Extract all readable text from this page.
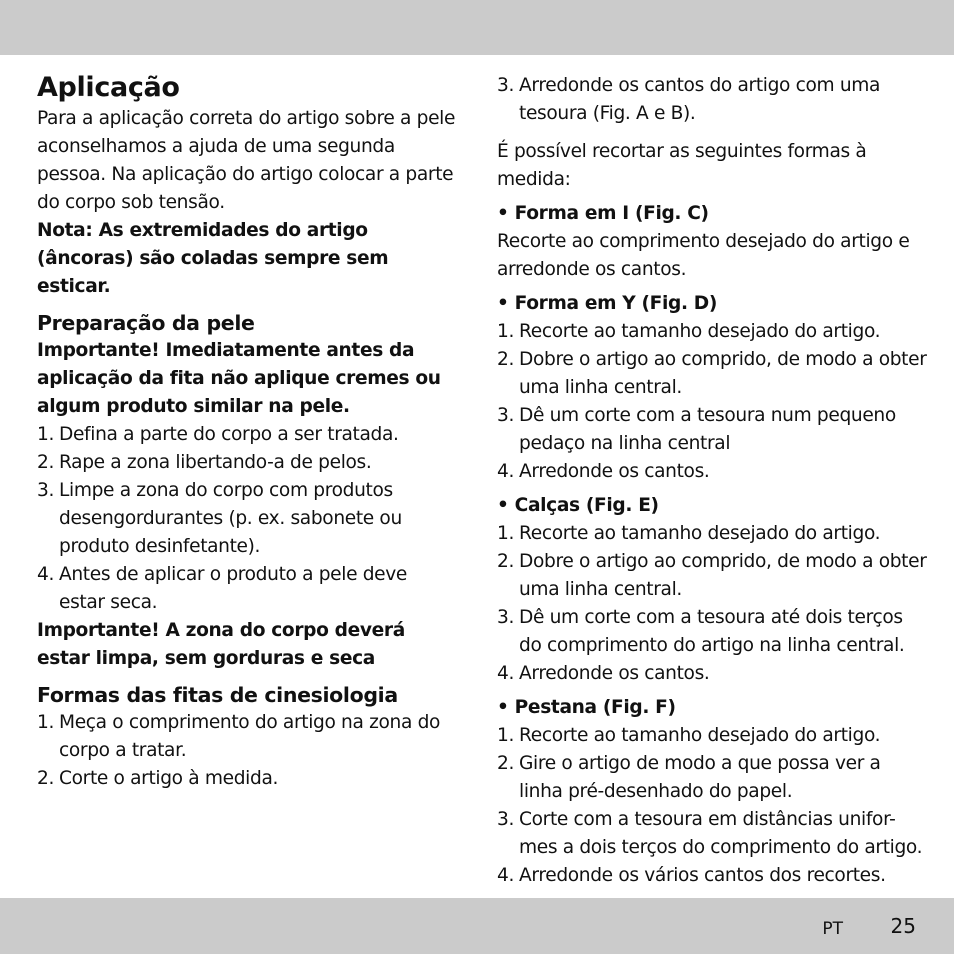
Aplicação

Para a aplicação correta do artigo sobre a pele aconselhamos a ajuda de uma segunda pessoa. Na aplicação do artigo colocar a parte do corpo sob tensão.

Nota: As extremidades do artigo (âncoras) são coladas sempre sem esticar.

Preparação da pele

Importante! Imediatamente antes da aplicação da fita não aplique cremes ou algum produto similar na pele.

1. Defina a parte do corpo a ser tratada.
2. Rape a zona libertando-a de pelos.
3. Limpe a zona do corpo com produtos desengordurantes (p. ex. sabonete ou produto desinfetante).
4. Antes de aplicar o produto a pele deve estar seca.

Importante! A zona do corpo deverá estar limpa, sem gorduras e seca

Formas das fitas de cinesiologia
1. Meça o comprimento do artigo na zona do corpo a tratar.
2. Corte o artigo à medida.
3. Arredonde os cantos do artigo com uma tesoura (Fig. A e B).

É possível recortar as seguintes formas à medida:

• Forma em I (Fig. C)

Recorte ao comprimento desejado do artigo e arredonde os cantos.

• Forma em Y (Fig. D)

1. Recorte ao tamanho desejado do artigo.
2. Dobre o artigo ao comprido, de modo a obter uma linha central.
3. Dê um corte com a tesoura num pequeno pedaço na linha central
4. Arredonde os cantos.

• Calças (Fig. E)

1. Recorte ao tamanho desejado do artigo.
2. Dobre o artigo ao comprido, de modo a obter uma linha central.
3. Dê um corte com a tesoura até dois terços do comprimento do artigo na linha central.
4. Arredonde os cantos.

• Pestana (Fig. F)

1. Recorte ao tamanho desejado do artigo.
2. Gire o artigo de modo a que possa ver a linha pré-desenhado do papel.
3. Corte com a tesoura em distâncias unifor-mes a dois terços do comprimento do artigo.
4. Arredonde os vários cantos dos recortes.
PT 25
